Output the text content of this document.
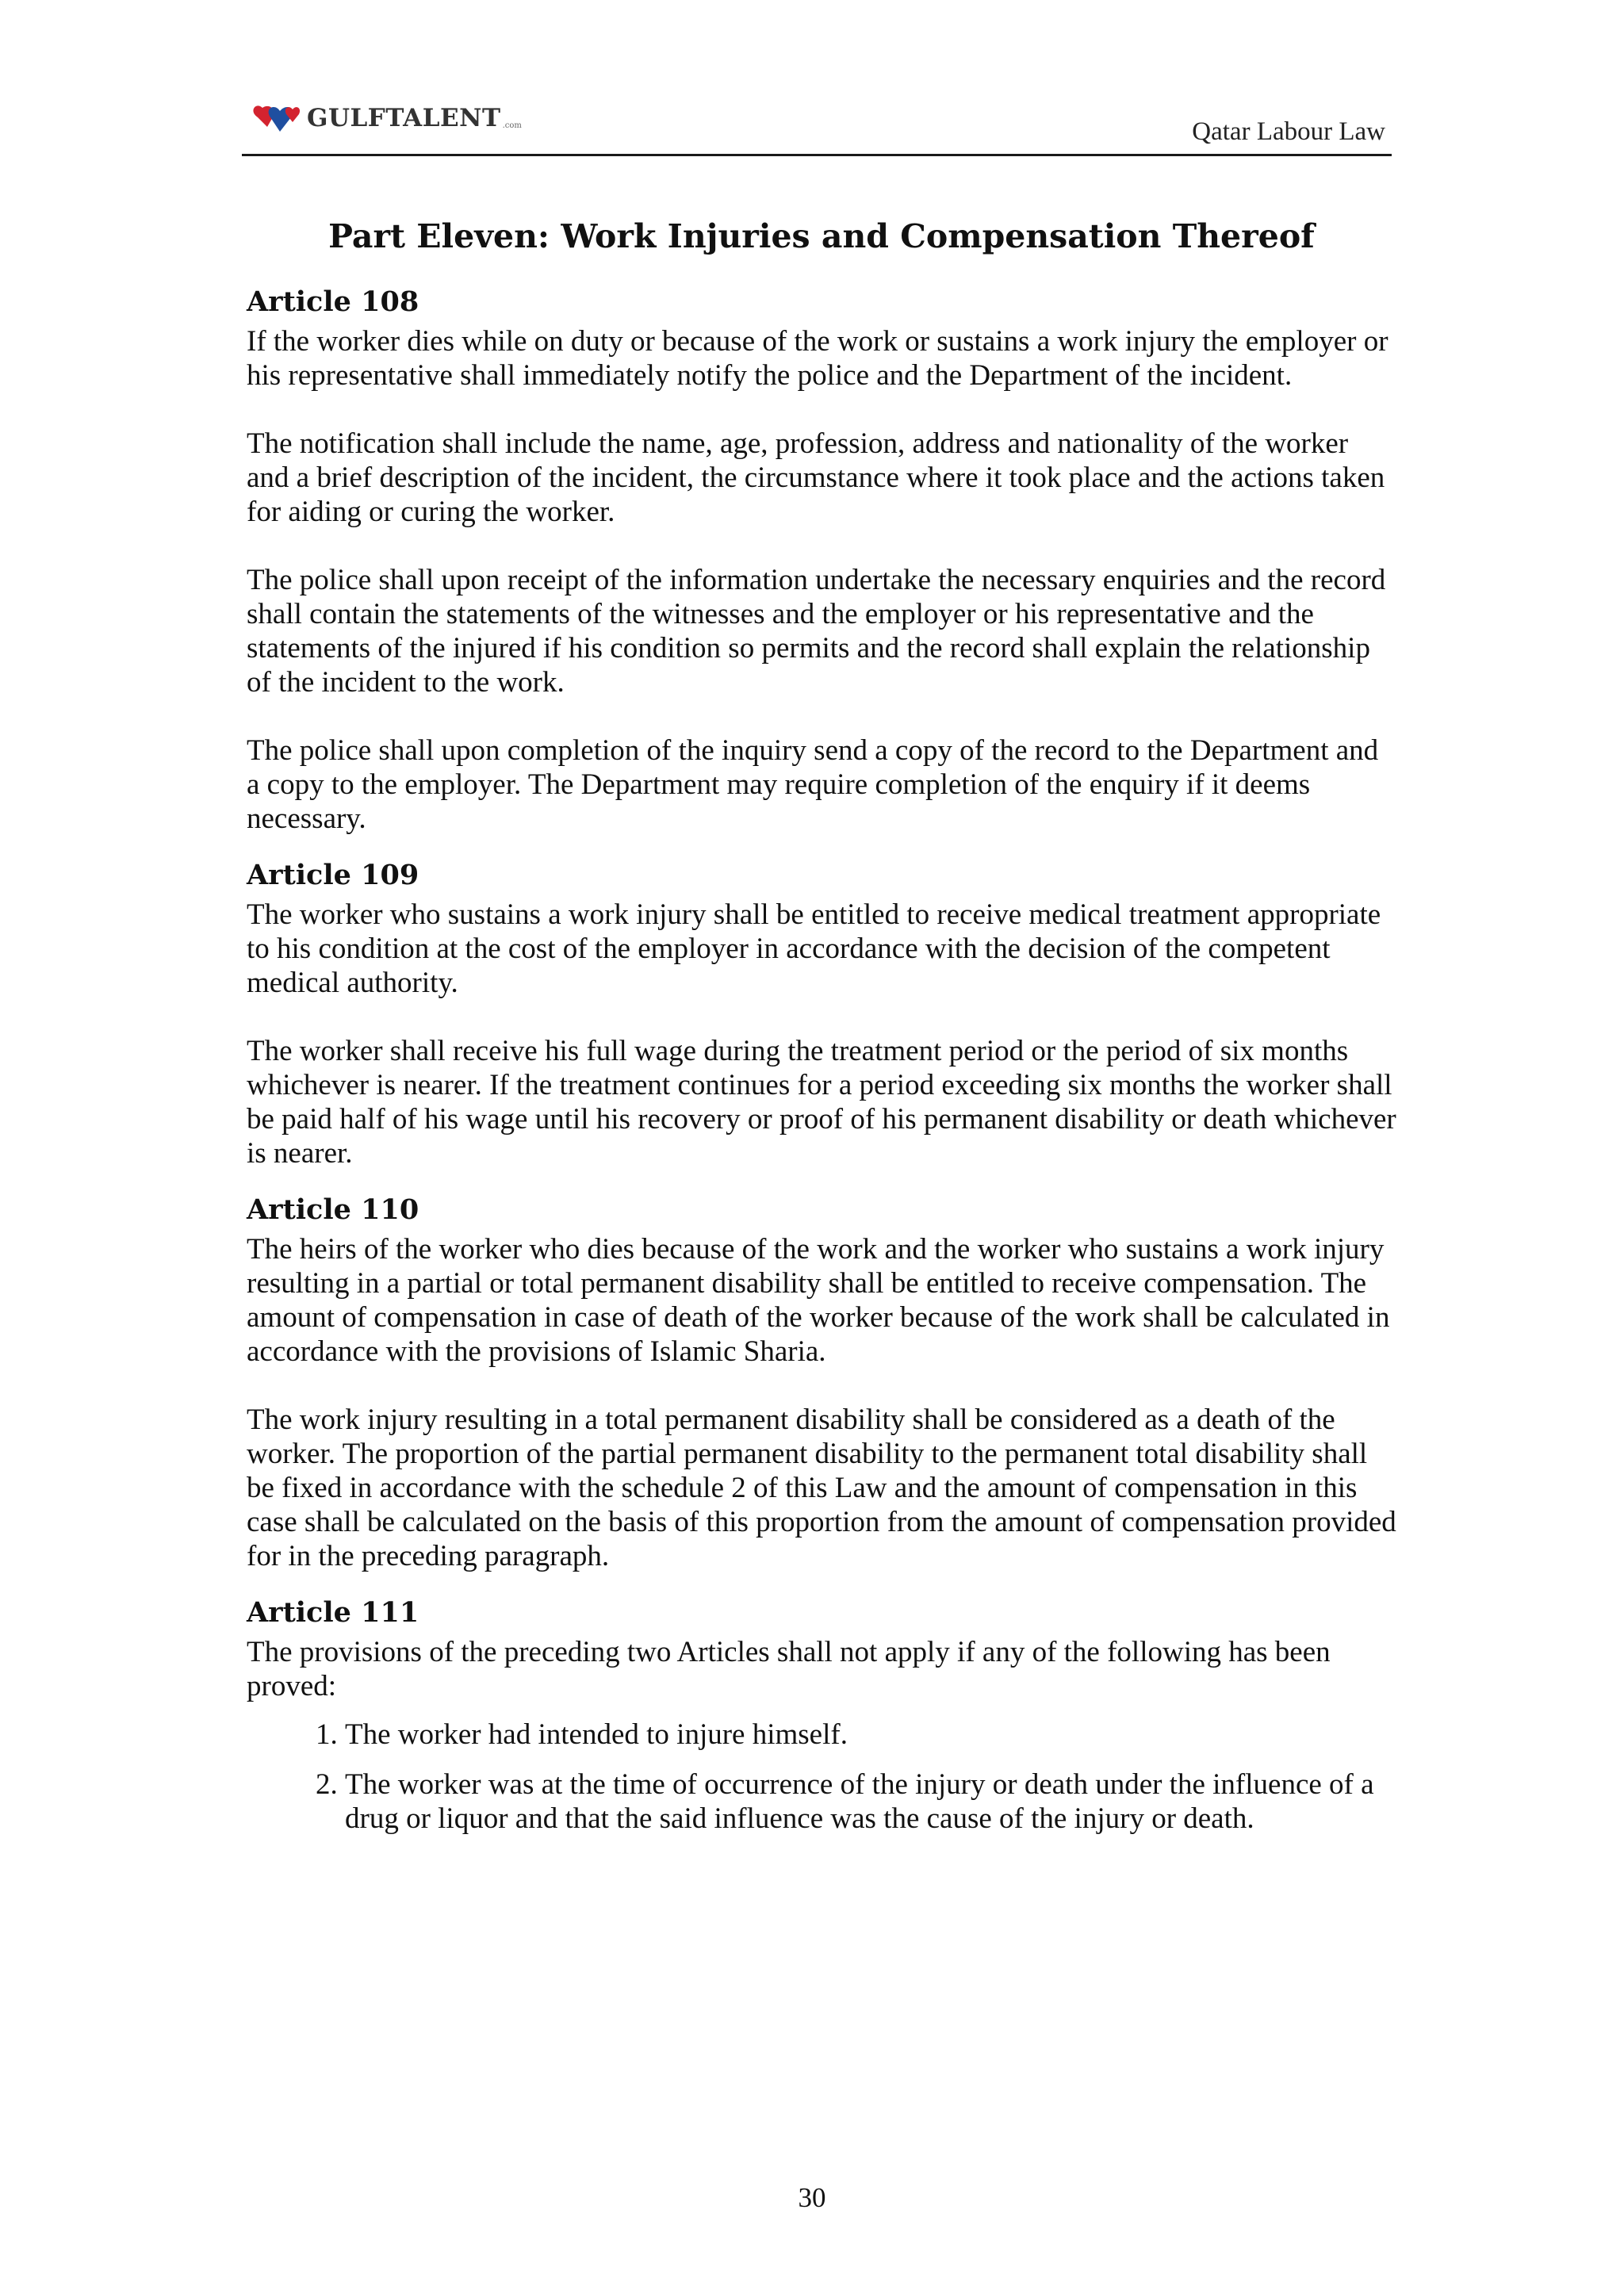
GULFTALENT .com	Qatar Labour Law
Part Eleven: Work Injuries and Compensation Thereof
Article 108

If the worker dies while on duty or because of the work or sustains a work injury the employer or his representative shall immediately notify the police and the Department of the incident.

The notification shall include the name, age, profession, address and nationality of the worker and a brief description of the incident, the circumstance where it took place and the actions taken for aiding or curing the worker.

The police shall upon receipt of the information undertake the necessary enquiries and the record shall contain the statements of the witnesses and the employer or his representative and the statements of the injured if his condition so permits and the record shall explain the relationship of the incident to the work.

The police shall upon completion of the inquiry send a copy of the record to the Department and a copy to the employer. The Department may require completion of the enquiry if it deems necessary.

Article 109

The worker who sustains a work injury shall be entitled to receive medical treatment appropriate to his condition at the cost of the employer in accordance with the decision of the competent medical authority.

The worker shall receive his full wage during the treatment period or the period of six months whichever is nearer. If the treatment continues for a period exceeding six months the worker shall be paid half of his wage until his recovery or proof of his permanent disability or death whichever is nearer.

Article 110

The heirs of the worker who dies because of the work and the worker who sustains a work injury resulting in a partial or total permanent disability shall be entitled to receive compensation. The amount of compensation in case of death of the worker because of the work shall be calculated in accordance with the provisions of Islamic Sharia.

The work injury resulting in a total permanent disability shall be considered as a death of the worker. The proportion of the partial permanent disability to the permanent total disability shall be fixed in accordance with the schedule 2 of this Law and the amount of compensation in this case shall be calculated on the basis of this proportion from the amount of compensation provided for in the preceding paragraph.

Article 111

The provisions of the preceding two Articles shall not apply if any of the following has been proved:

1. The worker had intended to injure himself.
2. The worker was at the time of occurrence of the injury or death under the influence of a drug or liquor and that the said influence was the cause of the injury or death.
30
